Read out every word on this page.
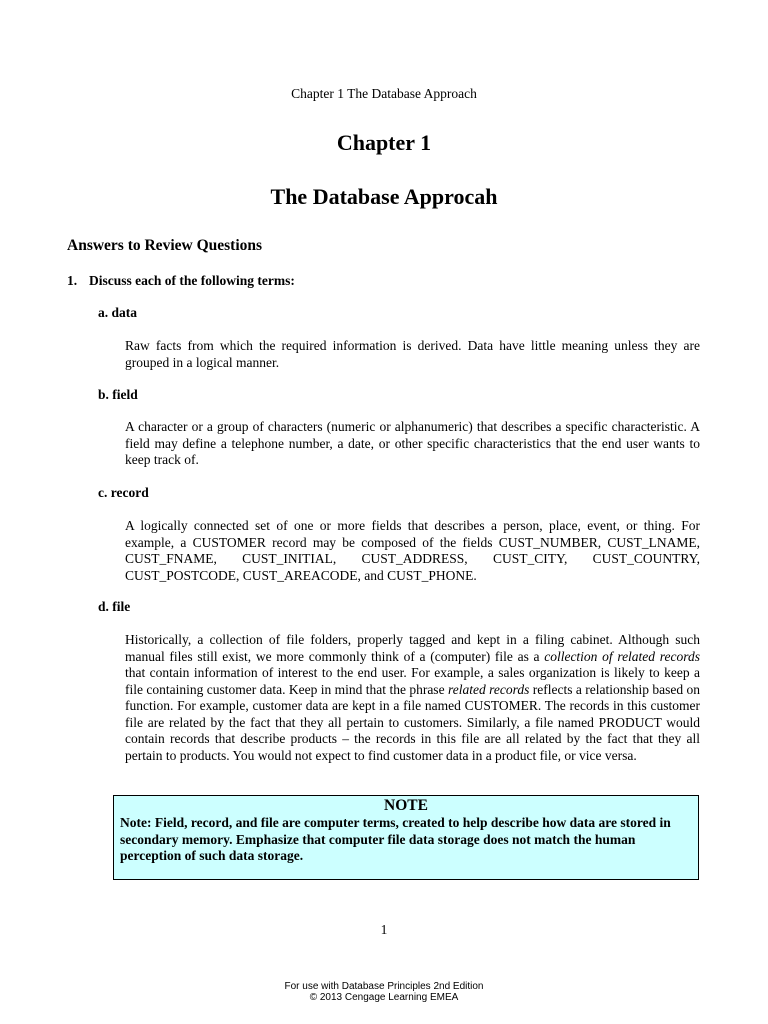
Chapter 1 The Database Approach
Chapter 1
The Database Approcah
Answers to Review Questions
1. Discuss each of the following terms:
a. data

Raw facts from which the required information is derived. Data have little meaning unless they are grouped in a logical manner.

b. field

A character or a group of characters (numeric or alphanumeric) that describes a specific characteristic. A field may define a telephone number, a date, or other specific characteristics that the end user wants to keep track of.

c. record

A logically connected set of one or more fields that describes a person, place, event, or thing. For example, a CUSTOMER record may be composed of the fields CUST_NUMBER, CUST_LNAME, CUST_FNAME, CUST_INITIAL, CUST_ADDRESS, CUST_CITY, CUST_COUNTRY, CUST_POSTCODE, CUST_AREACODE, and CUST_PHONE.

d. file

Historically, a collection of file folders, properly tagged and kept in a filing cabinet. Although such manual files still exist, we more commonly think of a (computer) file as a collection of related records that contain information of interest to the end user. For example, a sales organization is likely to keep a file containing customer data. Keep in mind that the phrase related records reflects a relationship based on function. For example, customer data are kept in a file named CUSTOMER. The records in this customer file are related by the fact that they all pertain to customers. Similarly, a file named PRODUCT would contain records that describe products – the records in this file are all related by the fact that they all pertain to products. You would not expect to find customer data in a product file, or vice versa.

NOTE
Note: Field, record, and file are computer terms, created to help describe how data are stored in secondary memory. Emphasize that computer file data storage does not match the human perception of such data storage.
1
For use with Database Principles 2nd Edition
© 2013 Cengage Learning EMEA
